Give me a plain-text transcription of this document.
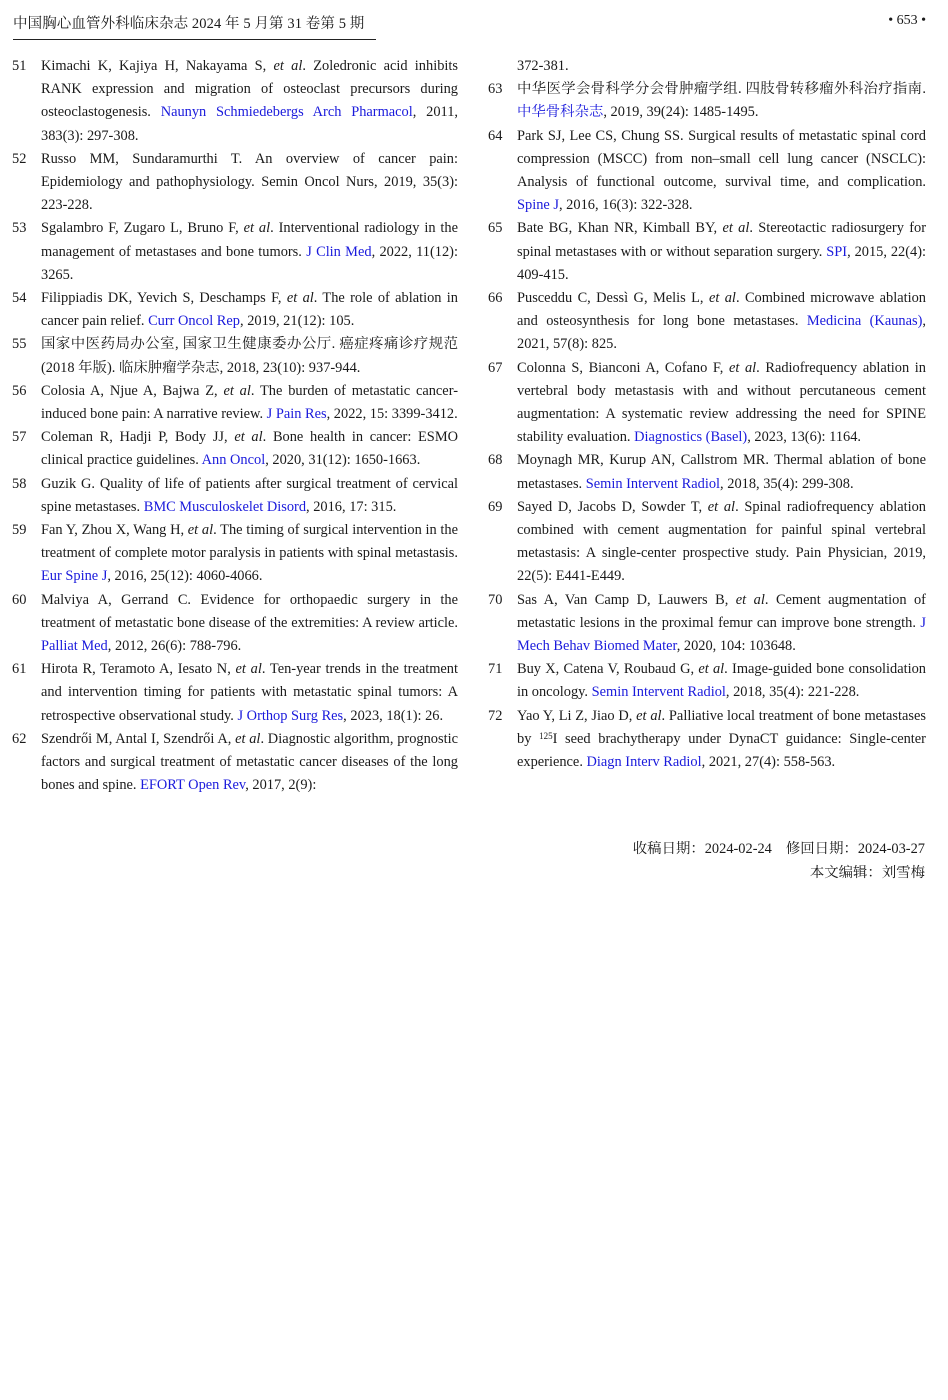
中国胸心血管外科临床杂志 2024 年 5 月第 31 卷第 5 期	• 653 •
51 Kimachi K, Kajiya H, Nakayama S, et al. Zoledronic acid inhibits RANK expression and migration of osteoclast precursors during osteoclastogenesis. Naunyn Schmiedebergs Arch Pharmacol, 2011, 383(3): 297-308.
52 Russo MM, Sundaramurthi T. An overview of cancer pain: Epidemiology and pathophysiology. Semin Oncol Nurs, 2019, 35(3): 223-228.
53 Sgalambro F, Zugaro L, Bruno F, et al. Interventional radiology in the management of metastases and bone tumors. J Clin Med, 2022, 11(12): 3265.
54 Filippiadis DK, Yevich S, Deschamps F, et al. The role of ablation in cancer pain relief. Curr Oncol Rep, 2019, 21(12): 105.
55 国家中医药局办公室, 国家卫生健康委办公厅. 癌症疼痛诊疗规范 (2018 年版). 临床肿瘤学杂志, 2018, 23(10): 937-944.
56 Colosia A, Njue A, Bajwa Z, et al. The burden of metastatic cancer-induced bone pain: A narrative review. J Pain Res, 2022, 15: 3399-3412.
57 Coleman R, Hadji P, Body JJ, et al. Bone health in cancer: ESMO clinical practice guidelines. Ann Oncol, 2020, 31(12): 1650-1663.
58 Guzik G. Quality of life of patients after surgical treatment of cervical spine metastases. BMC Musculoskelet Disord, 2016, 17: 315.
59 Fan Y, Zhou X, Wang H, et al. The timing of surgical intervention in the treatment of complete motor paralysis in patients with spinal metastasis. Eur Spine J, 2016, 25(12): 4060-4066.
60 Malviya A, Gerrand C. Evidence for orthopaedic surgery in the treatment of metastatic bone disease of the extremities: A review article. Palliat Med, 2012, 26(6): 788-796.
61 Hirota R, Teramoto A, Iesato N, et al. Ten-year trends in the treatment and intervention timing for patients with metastatic spinal tumors: A retrospective observational study. J Orthop Surg Res, 2023, 18(1): 26.
62 Szendrői M, Antal I, Szendrői A, et al. Diagnostic algorithm, prognostic factors and surgical treatment of metastatic cancer diseases of the long bones and spine. EFORT Open Rev, 2017, 2(9):
372-381.
63 中华医学会骨科学分会骨肿瘤学组. 四肢骨转移瘤外科治疗指南. 中华骨科杂志, 2019, 39(24): 1485-1495.
64 Park SJ, Lee CS, Chung SS. Surgical results of metastatic spinal cord compression (MSCC) from non–small cell lung cancer (NSCLC): Analysis of functional outcome, survival time, and complication. Spine J, 2016, 16(3): 322-328.
65 Bate BG, Khan NR, Kimball BY, et al. Stereotactic radiosurgery for spinal metastases with or without separation surgery. SPI, 2015, 22(4): 409-415.
66 Pusceddu C, Dessì G, Melis L, et al. Combined microwave ablation and osteosynthesis for long bone metastases. Medicina (Kaunas), 2021, 57(8): 825.
67 Colonna S, Bianconi A, Cofano F, et al. Radiofrequency ablation in vertebral body metastasis with and without percutaneous cement augmentation: A systematic review addressing the need for SPINE stability evaluation. Diagnostics (Basel), 2023, 13(6): 1164.
68 Moynagh MR, Kurup AN, Callstrom MR. Thermal ablation of bone metastases. Semin Intervent Radiol, 2018, 35(4): 299-308.
69 Sayed D, Jacobs D, Sowder T, et al. Spinal radiofrequency ablation combined with cement augmentation for painful spinal vertebral metastasis: A single-center prospective study. Pain Physician, 2019, 22(5): E441-E449.
70 Sas A, Van Camp D, Lauwers B, et al. Cement augmentation of metastatic lesions in the proximal femur can improve bone strength. J Mech Behav Biomed Mater, 2020, 104: 103648.
71 Buy X, Catena V, Roubaud G, et al. Image-guided bone consolidation in oncology. Semin Intervent Radiol, 2018, 35(4): 221-228.
72 Yao Y, Li Z, Jiao D, et al. Palliative local treatment of bone metastases by $^{125}$I seed brachytherapy under DynaCT guidance: Single-center experience. Diagn Interv Radiol, 2021, 27(4): 558-563.
收稿日期：2024-02-24 修回日期：2024-03-27
本文编辑：刘雪梅
